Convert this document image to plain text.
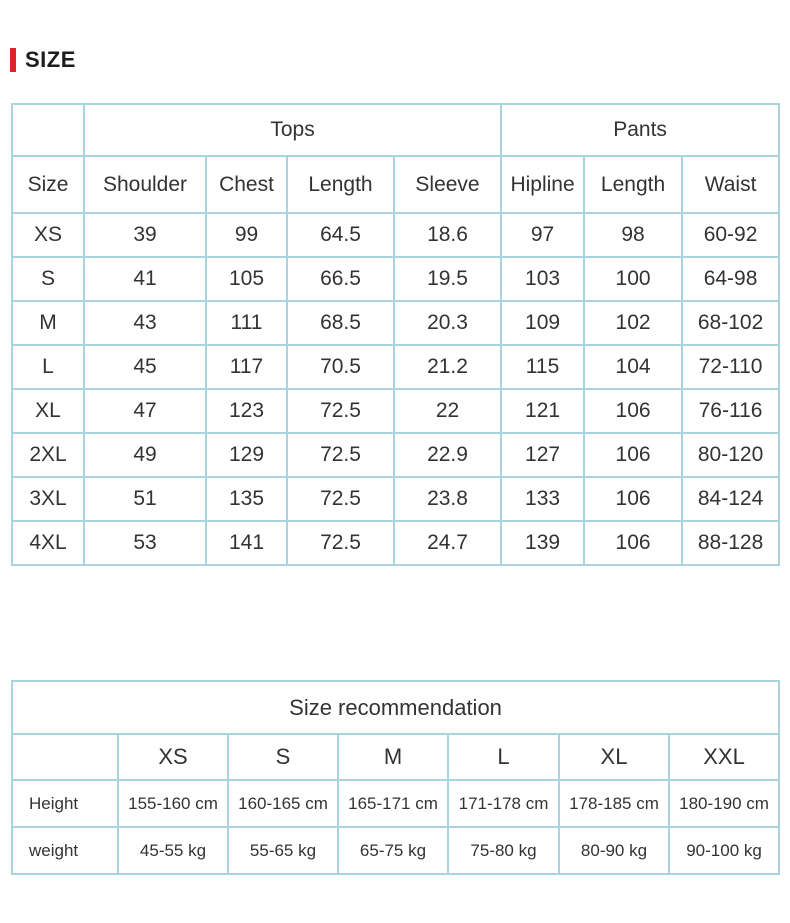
SIZE
	Tops				Pants		
Size	Shoulder	Chest	Length	Sleeve	Hipline	Length	Waist
XS	39	99	64.5	18.6	97	98	60-92
S	41	105	66.5	19.5	103	100	64-98
M	43	111	68.5	20.3	109	102	68-102
L	45	117	70.5	21.2	115	104	72-110
XL	47	123	72.5	22	121	106	76-116
2XL	49	129	72.5	22.9	127	106	80-120
3XL	51	135	72.5	23.8	133	106	84-124
4XL	53	141	72.5	24.7	139	106	88-128
Size recommendation						
	XS	S	M	L	XL	XXL
Height	155-160 cm	160-165 cm	165-171 cm	171-178 cm	178-185 cm	180-190 cm
weight	45-55 kg	55-65 kg	65-75 kg	75-80 kg	80-90 kg	90-100 kg
